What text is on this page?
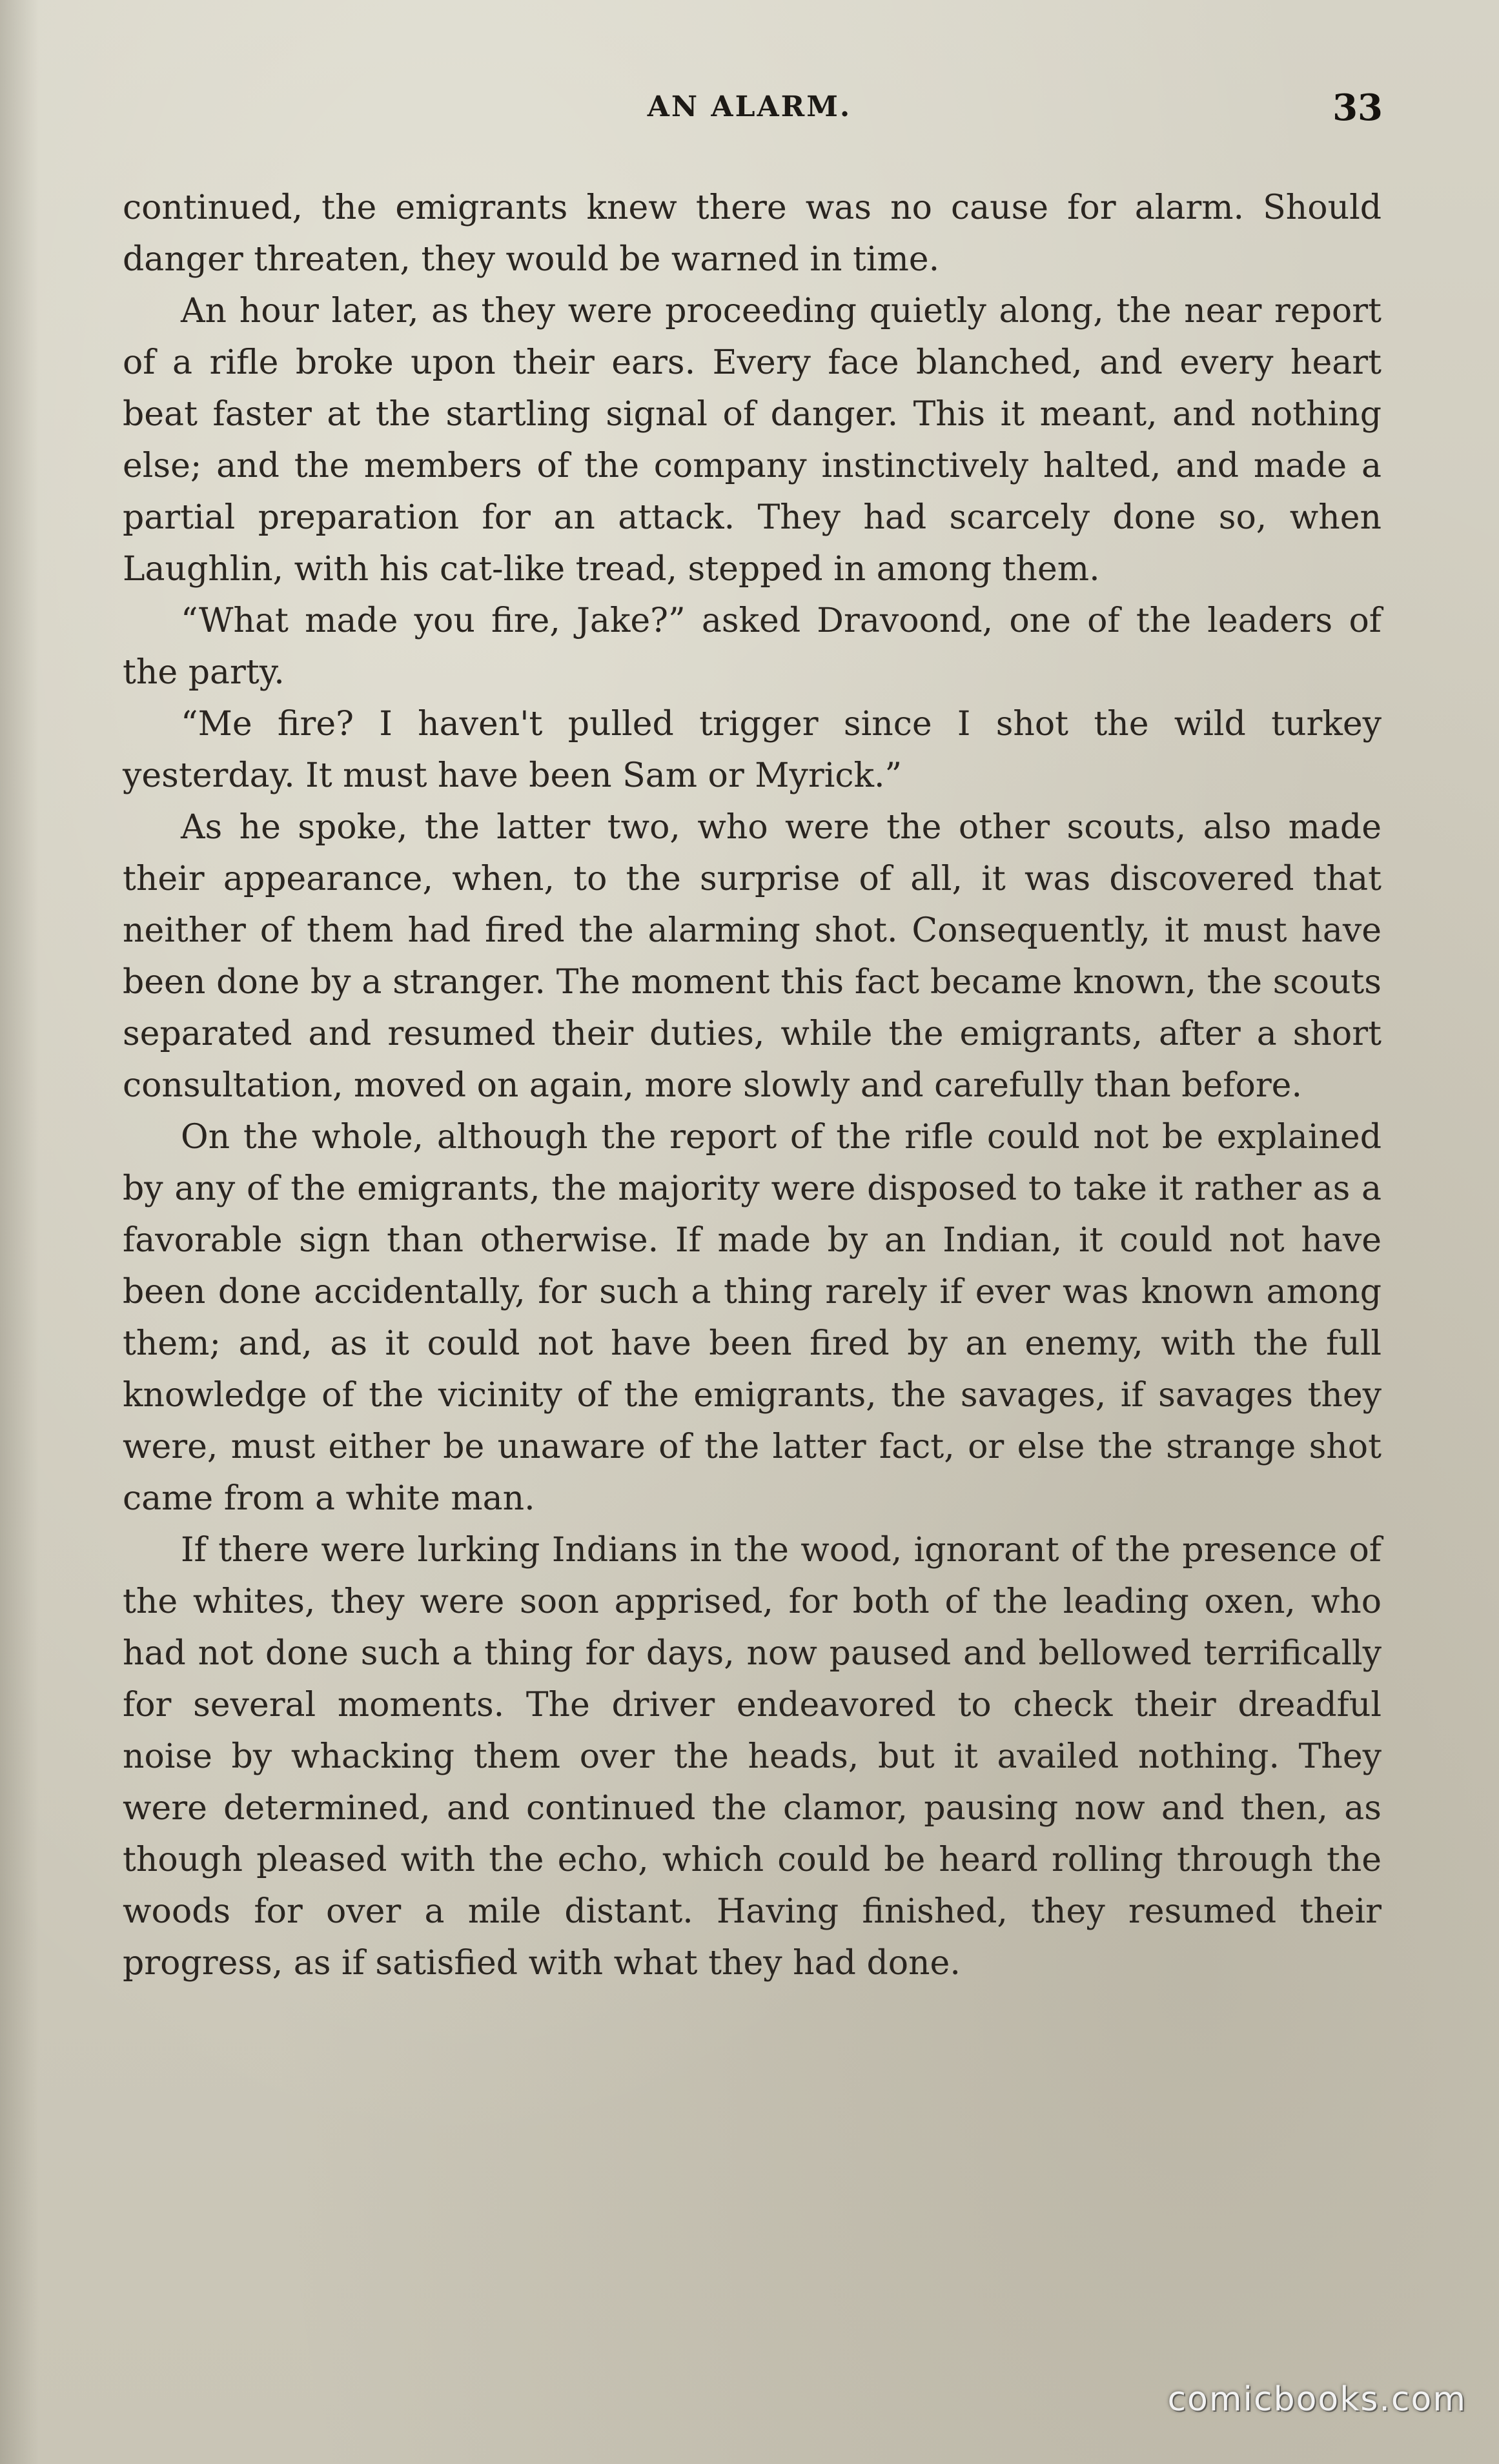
AN ALARM.	33

continued, the emigrants knew there was no cause for alarm. Should danger threaten, they would be warned in time.

An hour later, as they were proceeding quietly along, the near report of a rifle broke upon their ears. Every face blanched, and every heart beat faster at the startling signal of danger. This it meant, and nothing else; and the members of the company instinctively halted, and made a partial preparation for an attack. They had scarcely done so, when Laughlin, with his cat-like tread, stepped in among them.

“What made you fire, Jake?” asked Dravoond, one of the leaders of the party.

“Me fire? I haven't pulled trigger since I shot the wild turkey yesterday. It must have been Sam or Myrick.”

As he spoke, the latter two, who were the other scouts, also made their appearance, when, to the surprise of all, it was discovered that neither of them had fired the alarming shot. Consequently, it must have been done by a stranger. The moment this fact became known, the scouts separated and resumed their duties, while the emigrants, after a short consultation, moved on again, more slowly and carefully than before.

On the whole, although the report of the rifle could not be explained by any of the emigrants, the majority were disposed to take it rather as a favorable sign than otherwise. If made by an Indian, it could not have been done accidentally, for such a thing rarely if ever was known among them; and, as it could not have been fired by an enemy, with the full knowledge of the vicinity of the emigrants, the savages, if savages they were, must either be unaware of the latter fact, or else the strange shot came from a white man.

If there were lurking Indians in the wood, ignorant of the presence of the whites, they were soon apprised, for both of the leading oxen, who had not done such a thing for days, now paused and bellowed terrifically for several moments. The driver endeavored to check their dreadful noise by whacking them over the heads, but it availed nothing. They were determined, and continued the clamor, pausing now and then, as though pleased with the echo, which could be heard rolling through the woods for over a mile distant. Having finished, they resumed their progress, as if satisfied with what they had done.

comicbooks.com
